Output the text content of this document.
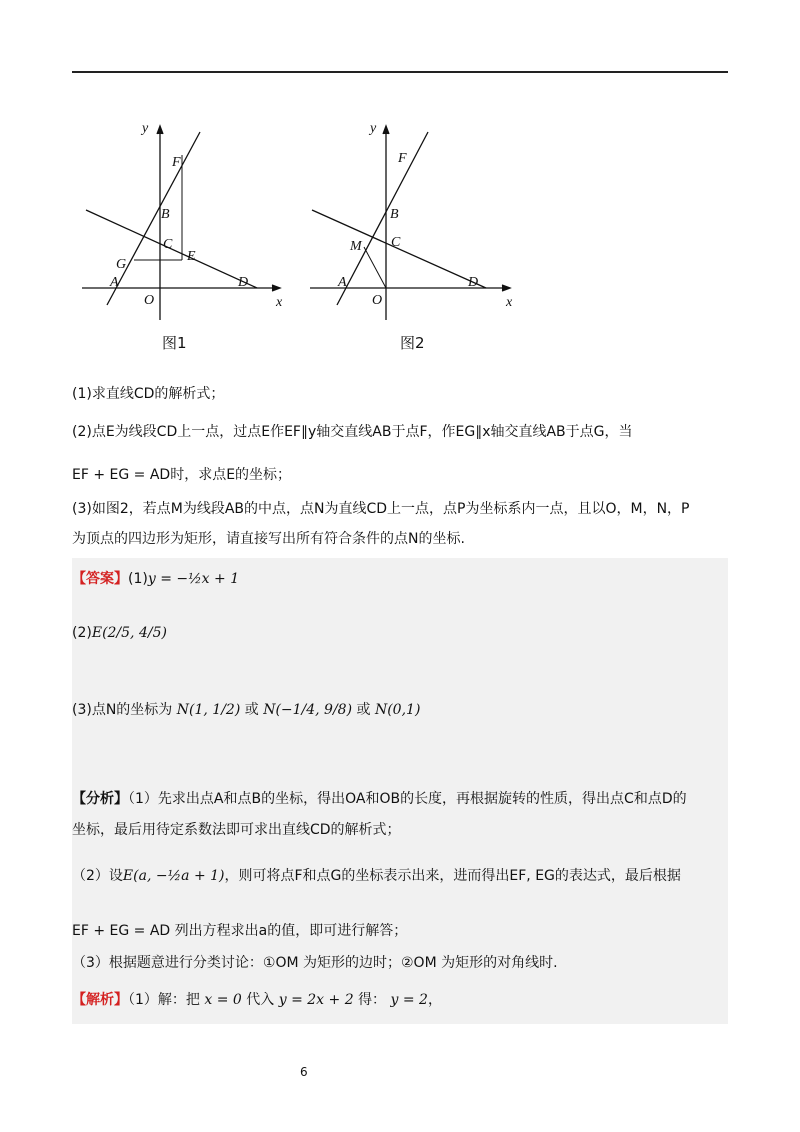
y
x
F
B
C
E
G
A
O
D
图1
y
x
F
B
M C
A
O
D
图2
(1)求直线CD的解析式；
(2)点E为线段CD上一点，过点E作EF∥y轴交直线AB于点F，作EG∥x轴交直线AB于点G，当
EF + EG = AD时，求点E的坐标；
(3)如图2，若点M为线段AB的中点，点N为直线CD上一点，点P为坐标系内一点，且以O，M，N，P
为顶点的四边形为矩形，请直接写出所有符合条件的点N的坐标.
【答案】(1)y = −½x + 1
(2)E(2/5, 4/5)
(3)点N的坐标为 N(1, 1/2) 或 N(−1/4, 9/8) 或 N(0,1)
【分析】（1）先求出点A和点B的坐标，得出OA和OB的长度，再根据旋转的性质，得出点C和点D的
坐标，最后用待定系数法即可求出直线CD的解析式；
（2）设E(a, −½a + 1)，则可将点F和点G的坐标表示出来，进而得出EF, EG的表达式，最后根据
EF + EG = AD 列出方程求出a的值，即可进行解答；
（3）根据题意进行分类讨论：①OM 为矩形的边时；②OM 为矩形的对角线时.
【解析】（1）解：把 x = 0 代入 y = 2x + 2 得： y = 2，
6
